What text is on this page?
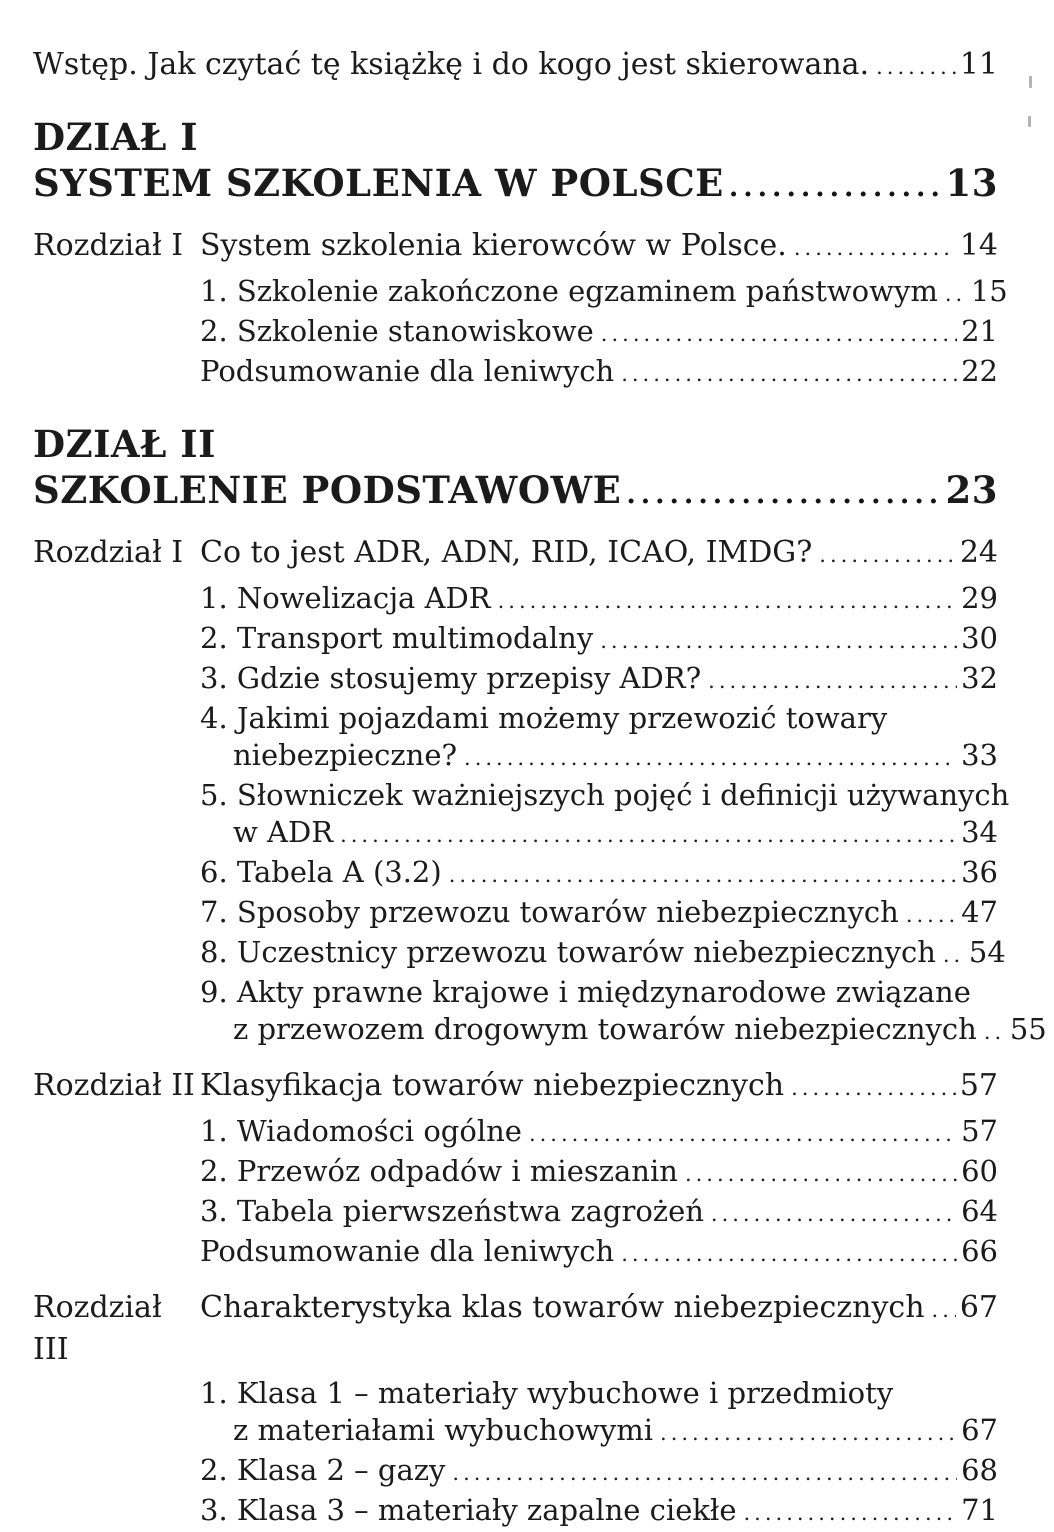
Wstęp. Jak czytać tę książkę i do kogo jest skierowana. .....	11
DZIAŁ I
SYSTEM SZKOLENIA W POLSCE .....	13
Rozdział I System szkolenia kierowców w Polsce. .....	14
1. Szkolenie zakończone egzaminem państwowym ..... 15
2. Szkolenie stanowiskowe .....	21
Podsumowanie dla leniwych .....	22
DZIAŁ II
SZKOLENIE PODSTAWOWE .....	23
Rozdział I Co to jest ADR, ADN, RID, ICAO, IMDG? .....	24
1. Nowelizacja ADR .....	29
2. Transport multimodalny .....	30
3. Gdzie stosujemy przepisy ADR? .....	32
4. Jakimi pojazdami możemy przewozić towary
niebezpieczne? .....	33
5. Słowniczek ważniejszych pojęć i definicji używanych
w ADR .....	34
6. Tabela A (3.2) .....	36
7. Sposoby przewozu towarów niebezpiecznych ..... 47
8. Uczestnicy przewozu towarów niebezpiecznych ..... 54
9. Akty prawne krajowe i międzynarodowe związane
z przewozem drogowym towarów niebezpiecznych ..... 55
Rozdział II Klasyfikacja towarów niebezpiecznych .....	57
1. Wiadomości ogólne .....	57
2. Przewóz odpadów i mieszanin .....	60
3. Tabela pierwszeństwa zagrożeń .....	64
Podsumowanie dla leniwych .....	66
Rozdział III
Charakterystyka klas towarów niebezpiecznych ..... 67
1. Klasa 1 – materiały wybuchowe i przedmioty
z materiałami wybuchowymi .....	67
2. Klasa 2 – gazy .....	68
3. Klasa 3 – materiały zapalne ciekłe .....	71
